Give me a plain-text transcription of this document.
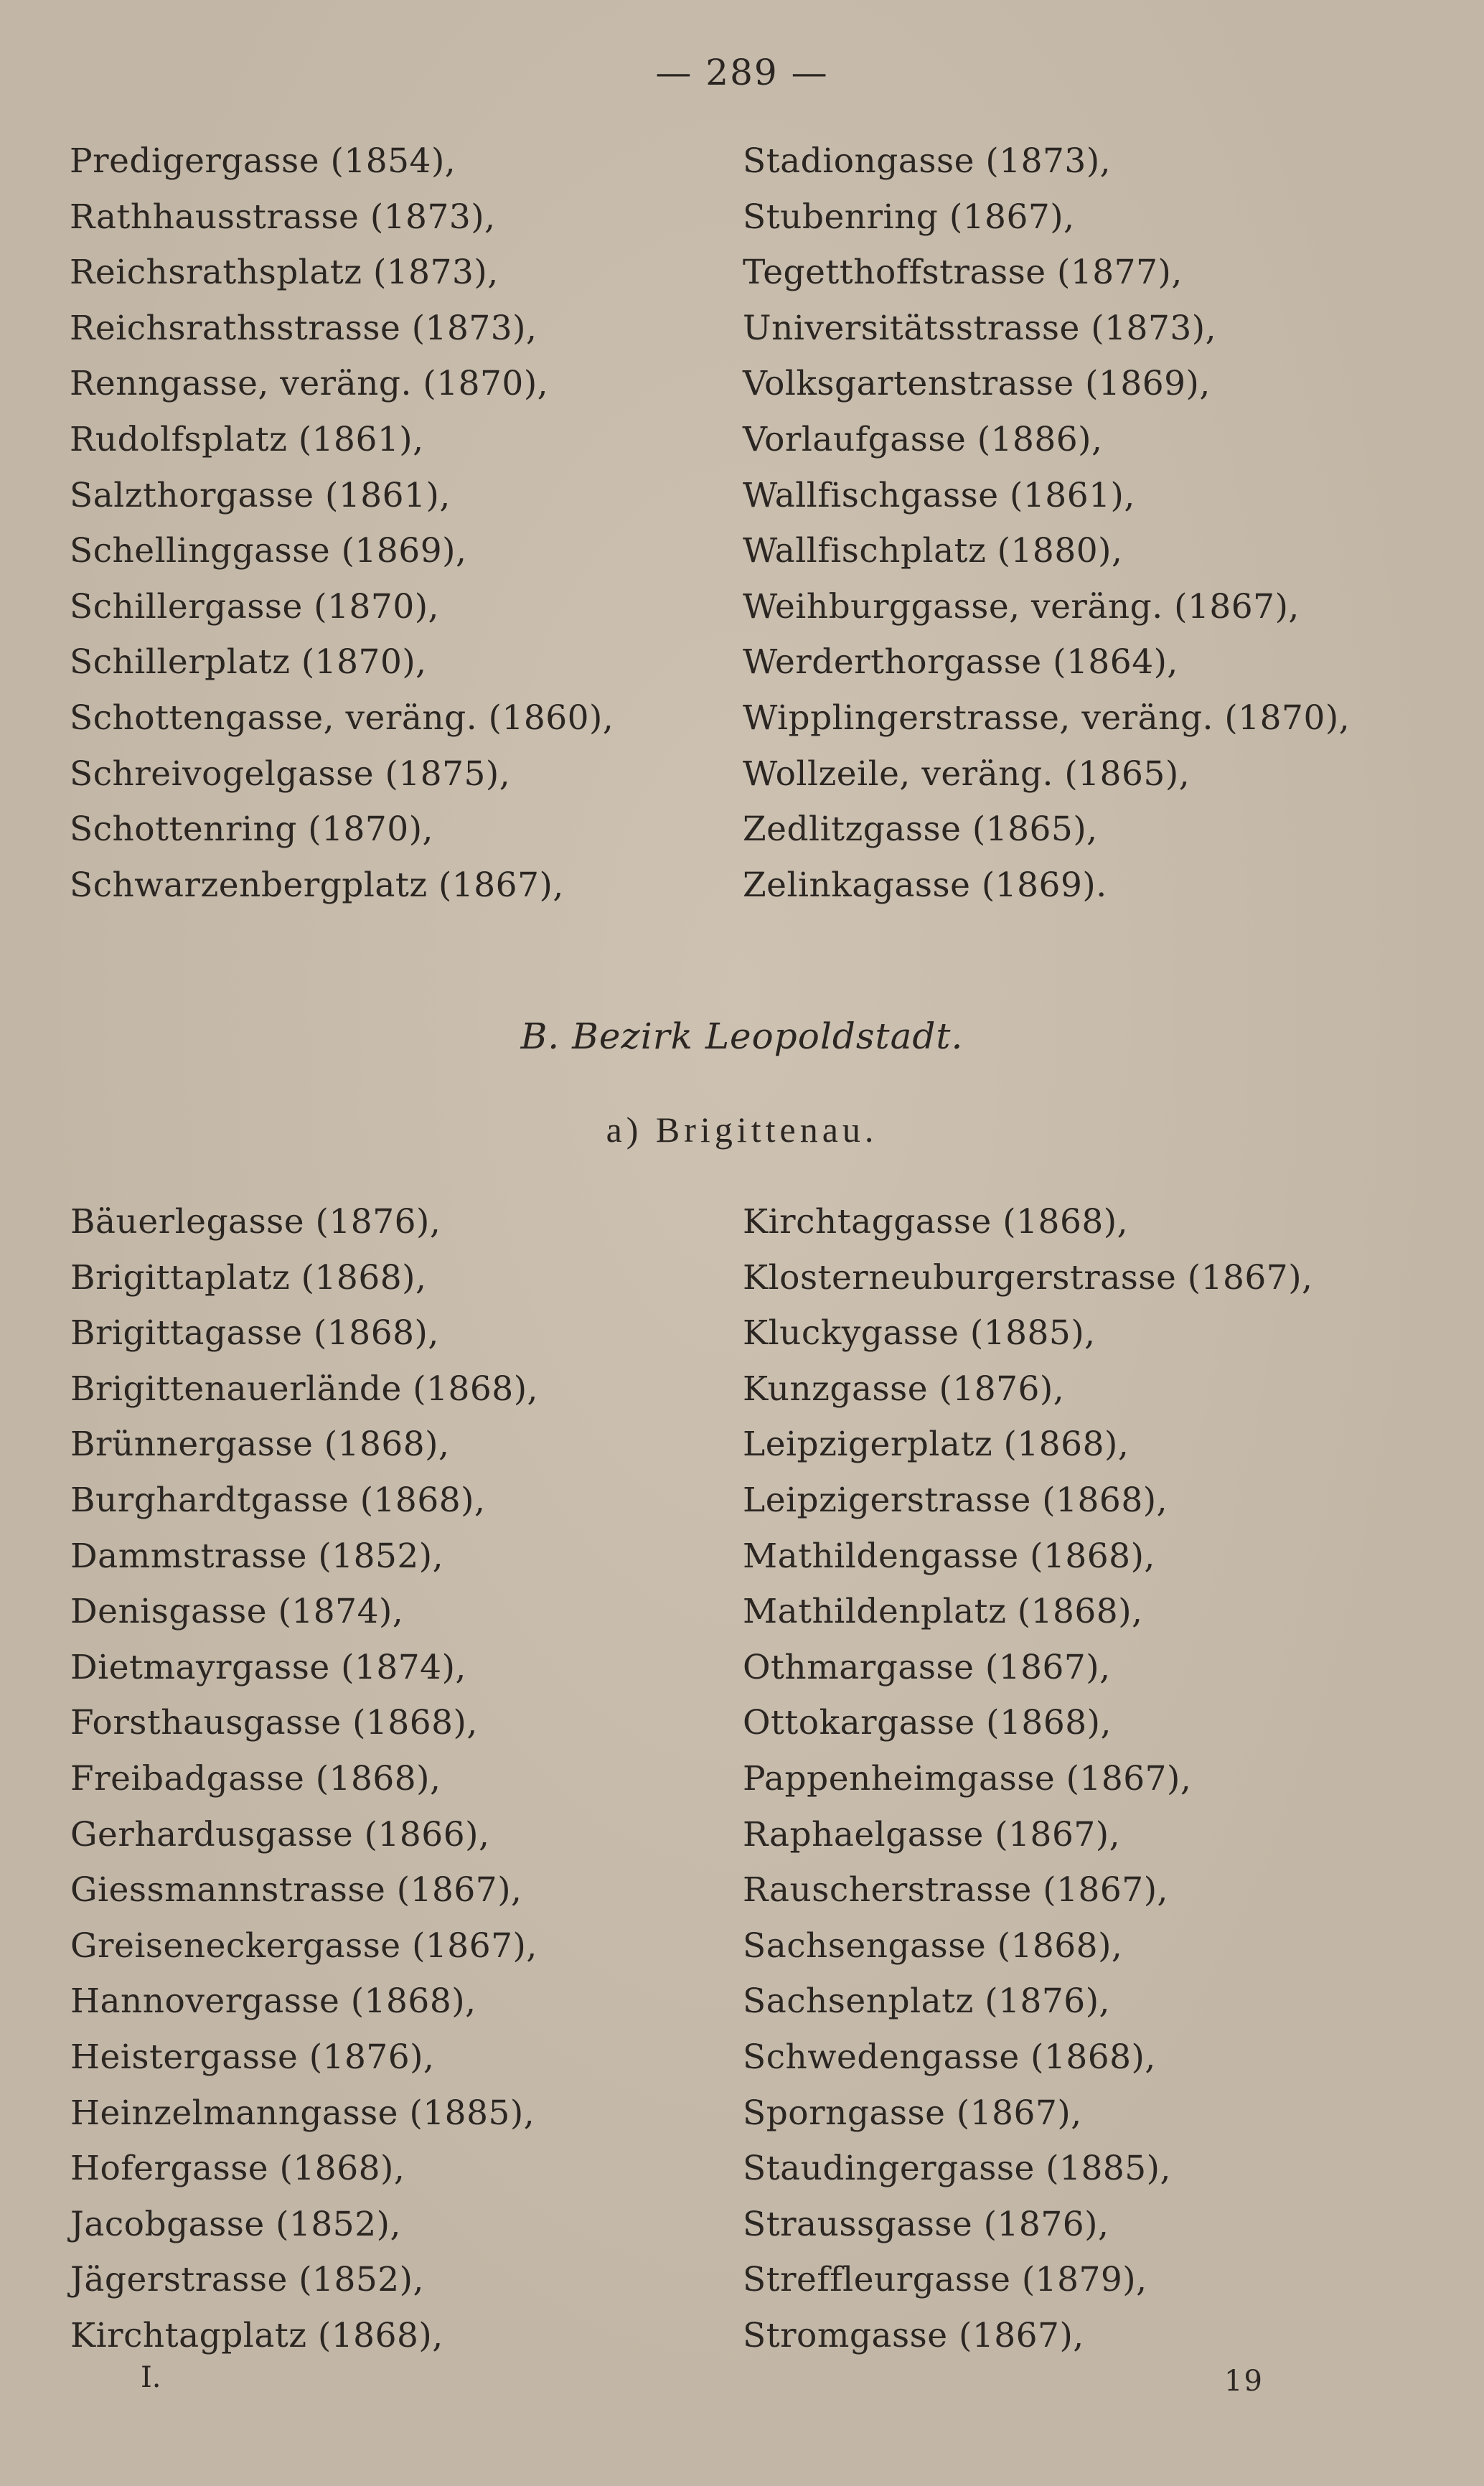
— 289 —
Predigergasse (1854),
Rathhausstrasse (1873),
Reichsrathsplatz (1873),
Reichsrathsstrasse (1873),
Renngasse, veräng. (1870),
Rudolfsplatz (1861),
Salzthorgasse (1861),
Schellinggasse (1869),
Schillergasse (1870),
Schillerplatz (1870),
Schottengasse, veräng. (1860),
Schreivogelgasse (1875),
Schottenring (1870),
Schwarzenbergplatz (1867),
Stadiongasse (1873),
Stubenring (1867),
Tegetthoffstrasse (1877),
Universitätsstrasse (1873),
Volksgartenstrasse (1869),
Vorlaufgasse (1886),
Wallfischgasse (1861),
Wallfischplatz (1880),
Weihburggasse, veräng. (1867),
Werderthorgasse (1864),
Wipplingerstrasse, veräng. (1870),
Wollzeile, veräng. (1865),
Zedlitzgasse (1865),
Zelinkagasse (1869).
B. Bezirk Leopoldstadt.
a) Brigittenau.
Bäuerlegasse (1876),
Brigittaplatz (1868),
Brigittagasse (1868),
Brigittenauerlände (1868),
Brünnergasse (1868),
Burghardtgasse (1868),
Dammstrasse (1852),
Denisgasse (1874),
Dietmayrgasse (1874),
Forsthausgasse (1868),
Freibadgasse (1868),
Gerhardusgasse (1866),
Giessmannstrasse (1867),
Greiseneckergasse (1867),
Hannovergasse (1868),
Heistergasse (1876),
Heinzelmanngasse (1885),
Hofergasse (1868),
Jacobgasse (1852),
Jägerstrasse (1852),
Kirchtagplatz (1868),
Kirchtaggasse (1868),
Klosterneuburgerstrasse (1867),
Kluckygasse (1885),
Kunzgasse (1876),
Leipzigerplatz (1868),
Leipzigerstrasse (1868),
Mathildengasse (1868),
Mathildenplatz (1868),
Othmargasse (1867),
Ottokargasse (1868),
Pappenheimgasse (1867),
Raphaelgasse (1867),
Rauscherstrasse (1867),
Sachsengasse (1868),
Sachsenplatz (1876),
Schwedengasse (1868),
Sporngasse (1867),
Staudingergasse (1885),
Straussgasse (1876),
Streffleurgasse (1879),
Stromgasse (1867),
I.	19
